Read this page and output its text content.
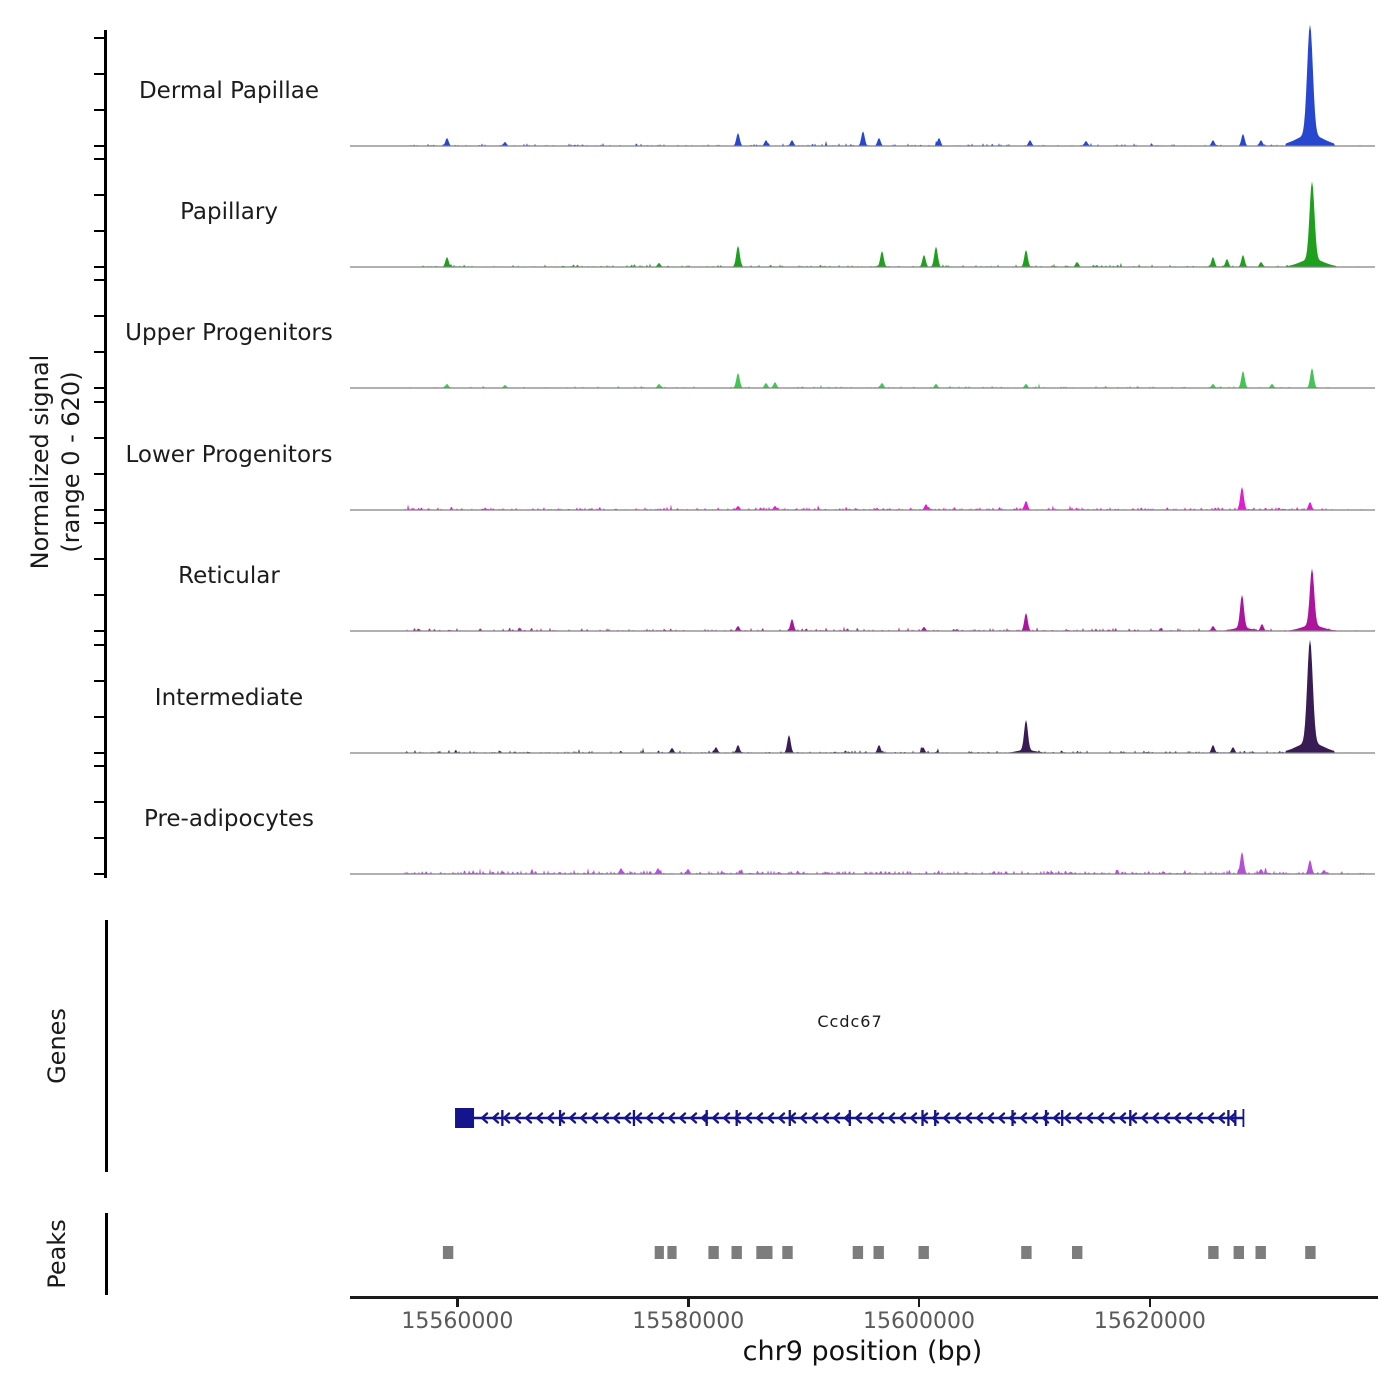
Normalized signal (range 0 - 620)
Dermal Papillae
Papillary
Upper Progenitors
Lower Progenitors
Reticular
Intermediate
Pre-adipocytes
Genes	Ccdc67
Peaks
15560000	15580000	15600000	15620000
chr9 position (bp)
